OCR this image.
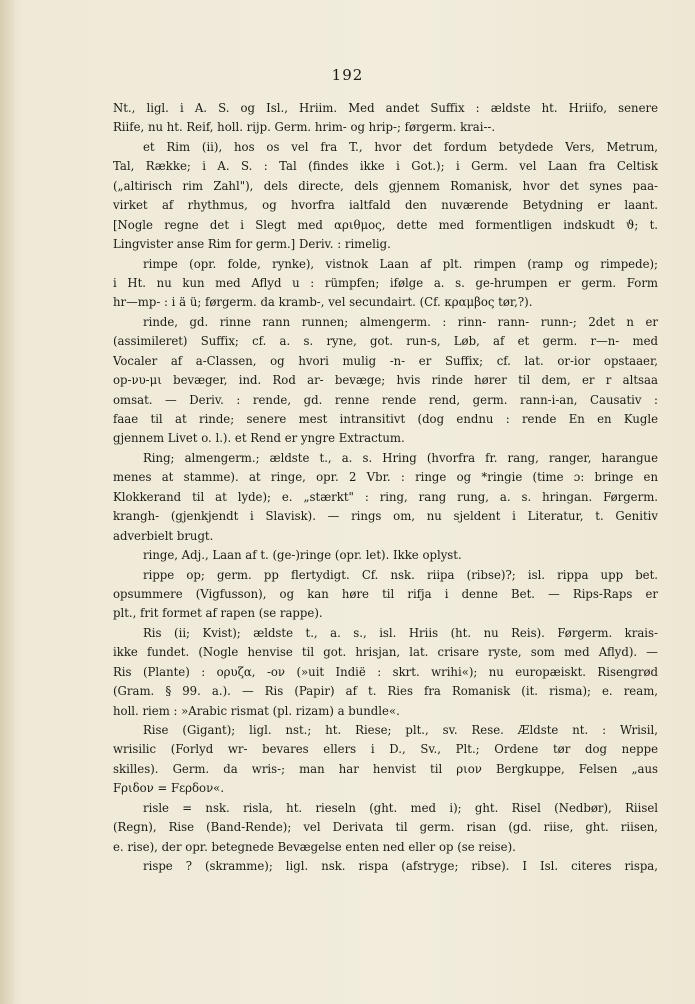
192
Nt., ligl. i A. S. og Isl., Hriim. Med andet Suffix : ældste ht. Hriifo, senere
Riife, nu ht. Reif, holl. rijp. Germ. hrim- og hrip-; førgerm. krai--.
et Rim (ii), hos os vel fra T., hvor det fordum betydede Vers, Metrum,
Tal, Række; i A. S. : Tal (findes ikke i Got.); i Germ. vel Laan fra Celtisk
(„altirisch rim Zahl"), dels directe, dels gjennem Romanisk, hvor det synes paa-
virket af rhythmus, og hvorfra ialtfald den nuværende Betydning er laant.
[Nogle regne det i Slegt med αριθμος, dette med formentligen indskudt ϑ; t.
Lingvister anse Rim for germ.] Deriv. : rimelig.
rimpe (opr. folde, rynke), vistnok Laan af plt. rimpen (ramp og rimpede);
i Ht. nu kun med Aflyd u : rümpfen; ifølge a. s. ge-hrumpen er germ. Form
hr—mp- : i ä ü; førgerm. da kramb-, vel secundairt. (Cf. κραμβος tør,?).
rinde, gd. rinne rann runnen; almengerm. : rinn- rann- runn-; 2det n er
(assimileret) Suffix; cf. a. s. ryne, got. run-s, Løb, af et germ. r—n- med
Vocaler af a-Classen, og hvori mulig -n- er Suffix; cf. lat. or-ior opstaaer,
op-νυ-μι bevæger, ind. Rod ar- bevæge; hvis rinde hører til dem, er r altsaa
omsat. — Deriv. : rende, gd. renne rende rend, germ. rann-i-an, Causativ :
faae til at rinde; senere mest intransitivt (dog endnu : rende En en Kugle
gjennem Livet o. l.). et Rend er yngre Extractum.
Ring; almengerm.; ældste t., a. s. Hring (hvorfra fr. rang, ranger, harangue
menes at stamme). at ringe, opr. 2 Vbr. : ringe og *ringie (time ɔ: bringe en
Klokkerand til at lyde); e. „stærkt" : ring, rang rung, a. s. hringan. Førgerm.
krangh- (gjenkjendt i Slavisk). — rings om, nu sjeldent i Literatur, t. Genitiv
adverbielt brugt.
ringe, Adj., Laan af t. (ge-)ringe (opr. let). Ikke oplyst.
rippe op; germ. pp flertydigt. Cf. nsk. riipa (ribse)?; isl. rippa upp bet.
opsummere (Vigfusson), og kan høre til rifja i denne Bet. — Rips-Raps er
plt., frit formet af rapen (se rappe).
Ris (ii; Kvist); ældste t., a. s., isl. Hriis (ht. nu Reis). Førgerm. krais-
ikke fundet. (Nogle henvise til got. hrisjan, lat. crisare ryste, som med Aflyd). —
Ris (Plante) : ορυζα, -ον (»uit Indië : skrt. wrihi«); nu europæiskt. Risengrød
(Gram. § 99. a.). — Ris (Papir) af t. Ries fra Romanisk (it. risma); e. ream,
holl. riem : »Arabic rismat (pl. rizam) a bundle«.
Rise (Gigant); ligl. nst.; ht. Riese; plt., sv. Rese. Ældste nt. : Wrisil,
wrisilic (Forlyd wr- bevares ellers i D., Sv., Plt.; Ordene tør dog neppe
skilles). Germ. da wris-; man har henvist til ριον Bergkuppe, Felsen „aus
Fριδον = Fερδον«.
risle = nsk. risla, ht. rieseln (ght. med i); ght. Risel (Nedbør), Riisel
(Regn), Rise (Band-Rende); vel Derivata til germ. risan (gd. riise, ght. riisen,
e. rise), der opr. betegnede Bevægelse enten ned eller op (se reise).
rispe ? (skramme); ligl. nsk. rispa (afstryge; ribse). I Isl. citeres rispa,
